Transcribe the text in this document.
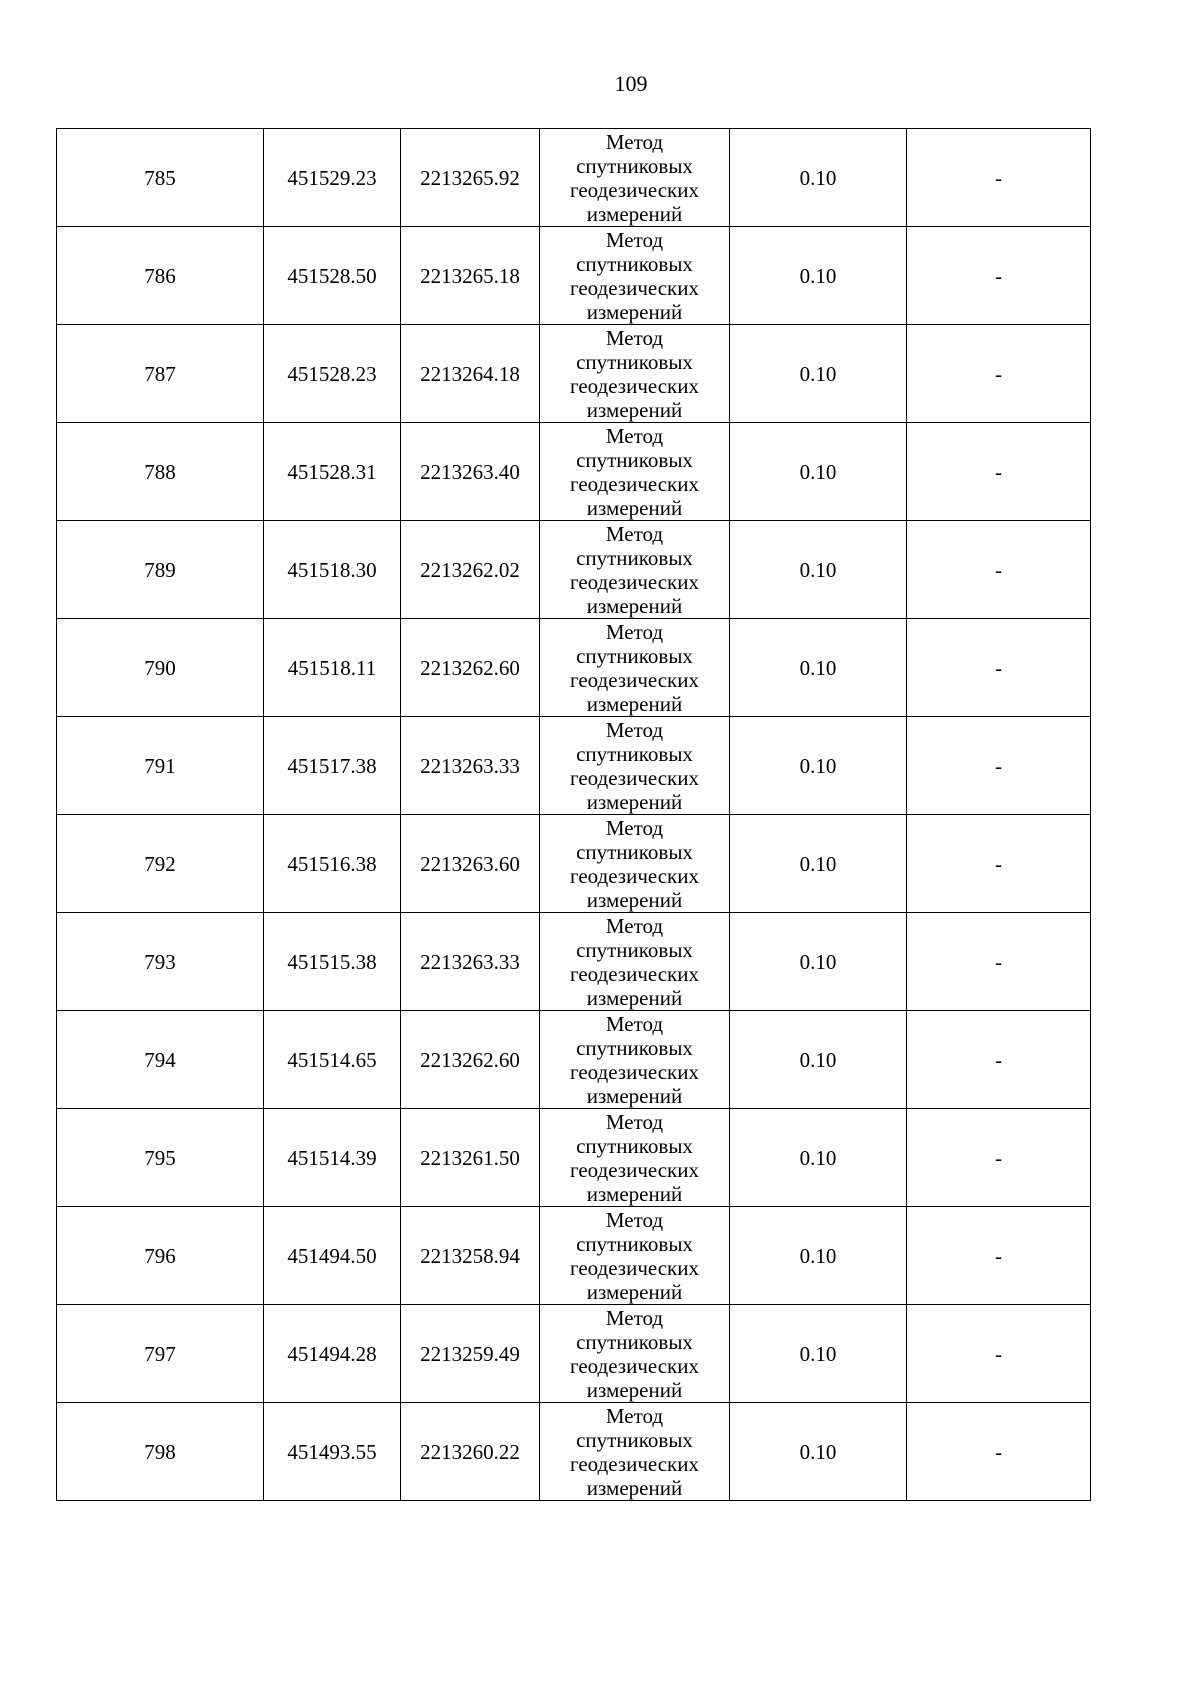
109
785	451529.23	2213265.92	Метод
спутниковых
геодезических
измерений	0.10	-
786	451528.50	2213265.18	Метод
спутниковых
геодезических
измерений	0.10	-
787	451528.23	2213264.18	Метод
спутниковых
геодезических
измерений	0.10	-
788	451528.31	2213263.40	Метод
спутниковых
геодезических
измерений	0.10	-
789	451518.30	2213262.02	Метод
спутниковых
геодезических
измерений	0.10	-
790	451518.11	2213262.60	Метод
спутниковых
геодезических
измерений	0.10	-
791	451517.38	2213263.33	Метод
спутниковых
геодезических
измерений	0.10	-
792	451516.38	2213263.60	Метод
спутниковых
геодезических
измерений	0.10	-
793	451515.38	2213263.33	Метод
спутниковых
геодезических
измерений	0.10	-
794	451514.65	2213262.60	Метод
спутниковых
геодезических
измерений	0.10	-
795	451514.39	2213261.50	Метод
спутниковых
геодезических
измерений	0.10	-
796	451494.50	2213258.94	Метод
спутниковых
геодезических
измерений	0.10	-
797	451494.28	2213259.49	Метод
спутниковых
геодезических
измерений	0.10	-
798	451493.55	2213260.22	Метод
спутниковых
геодезических
измерений	0.10	-
